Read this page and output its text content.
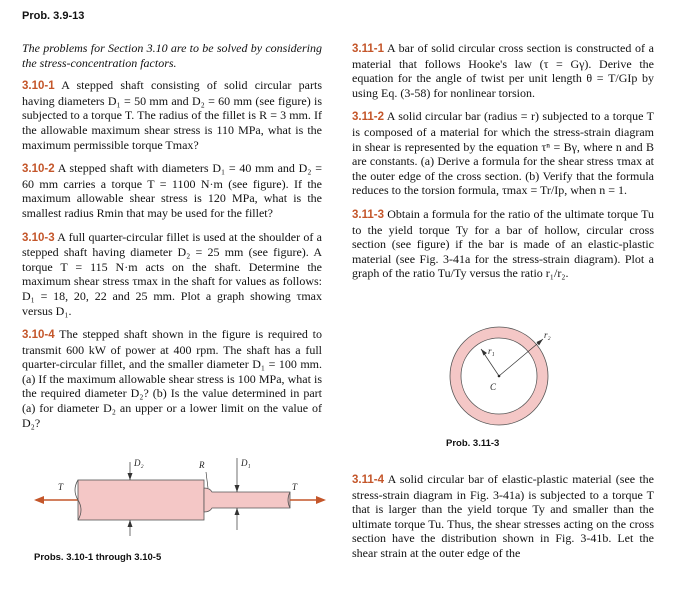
Prob. 3.9-13

The problems for Section 3.10 are to be solved by considering the stress-concentration factors.

3.10-1 A stepped shaft consisting of solid circular parts having diameters D₁ = 50 mm and D₂ = 60 mm (see figure) is subjected to a torque T. The radius of the fillet is R = 3 mm. If the allowable maximum shear stress is 110 MPa, what is the maximum permissible torque Tmax?

3.10-2 A stepped shaft with diameters D₁ = 40 mm and D₂ = 60 mm carries a torque T = 1100 N·m (see figure). If the maximum allowable shear stress is 120 MPa, what is the smallest radius Rmin that may be used for the fillet?

3.10-3 A full quarter-circular fillet is used at the shoulder of a stepped shaft having diameter D₂ = 25 mm (see figure). A torque T = 115 N·m acts on the shaft. Determine the maximum shear stress τmax in the shaft for values as follows: D₁ = 18, 20, 22 and 25 mm. Plot a graph showing τmax versus D₁.

3.10-4 The stepped shaft shown in the figure is required to transmit 600 kW of power at 400 rpm. The shaft has a full quarter-circular fillet, and the smaller diameter D₁ = 100 mm. (a) If the maximum allowable shear stress is 100 MPa, what is the required diameter D₂? (b) Is the value determined in part (a) for diameter D₂ an upper or a lower limit on the value of D₂?

D₂	R	D₁
T	T
Probs. 3.10-1 through 3.10-5

3.11-1 A bar of solid circular cross section is constructed of a material that follows Hooke's law (τ = Gγ). Derive the equation for the angle of twist per unit length θ = T/GIp by using Eq. (3-58) for nonlinear torsion.

3.11-2 A solid circular bar (radius = r) subjected to a torque T is composed of a material for which the stress-strain diagram in shear is represented by the equation τⁿ = Bγ, where n and B are constants. (a) Derive a formula for the shear stress τmax at the outer edge of the cross section. (b) Verify that the formula reduces to the torsion formula, τmax = Tr/Ip, when n = 1.

3.11-3 Obtain a formula for the ratio of the ultimate torque Tu to the yield torque Ty for a bar of hollow, circular cross section (see figure) if the bar is made of an elastic-plastic material (see Fig. 3-41a for the stress-strain diagram). Plot a graph of the ratio Tu/Ty versus the ratio r₁/r₂.

r₁
r₂
C
Prob. 3.11-3

3.11-4 A solid circular bar of elastic-plastic material (see the stress-strain diagram in Fig. 3-41a) is subjected to a torque T that is larger than the yield torque Ty and smaller than the ultimate torque Tu. Thus, the shear stresses acting on the cross section have the distribution shown in Fig. 3-41b. Let the shear strain at the outer edge of the
